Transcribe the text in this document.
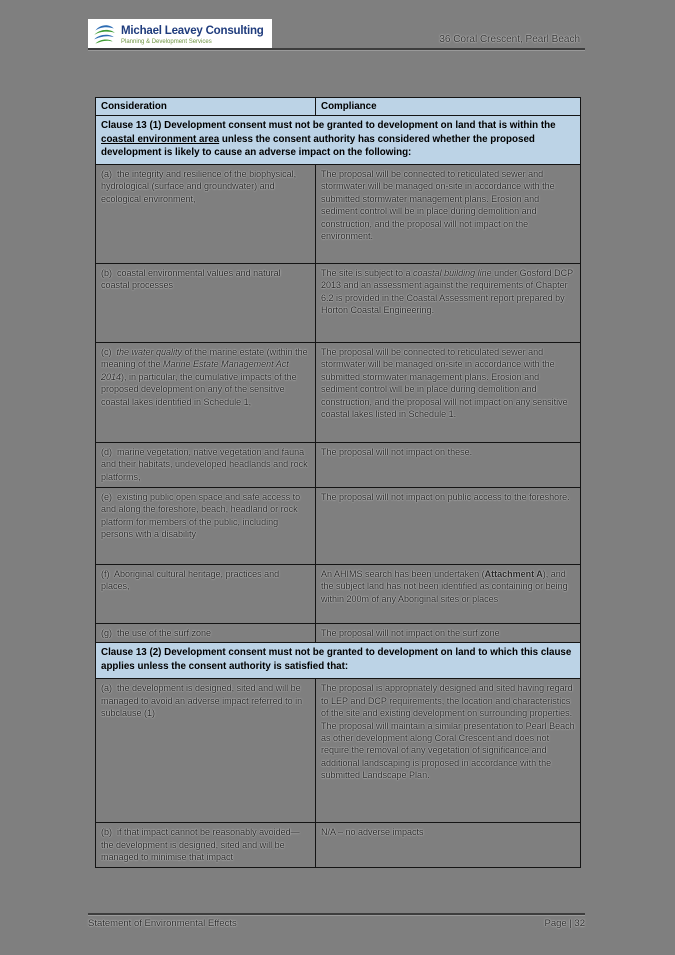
Michael Leavey Consulting
Planning & Development Services	36 Coral Crescent, Pearl Beach
Consideration	Compliance
Clause 13 (1) Development consent must not be granted to development on land that is within the coastal environment area unless the consent authority has considered whether the proposed development is likely to cause an adverse impact on the following:	
(a)  the integrity and resilience of the biophysical, hydrological (surface and groundwater) and ecological environment,	The proposal will be connected to reticulated sewer and stormwater will be managed on-site in accordance with the submitted stormwater management plans. Erosion and sediment control will be in place during demolition and construction, and the proposal will not impact on the environment.
(b)  coastal environmental values and natural coastal processes	The site is subject to a coastal building line under Gosford DCP 2013 and an assessment against the requirements of Chapter 6.2 is provided in the Coastal Assessment report prepared by Horton Coastal Engineering.
(c)  the water quality of the marine estate (within the meaning of the Marine Estate Management Act 2014), in particular, the cumulative impacts of the proposed development on any of the sensitive coastal lakes identified in Schedule 1,	The proposal will be connected to reticulated sewer and stormwater will be managed on-site in accordance with the submitted stormwater management plans. Erosion and sediment control will be in place during demolition and construction, and the proposal will not impact on any sensitive coastal lakes listed in Schedule 1.
(d)  marine vegetation, native vegetation and fauna and their habitats, undeveloped headlands and rock platforms,	The proposal will not impact on these.
(e)  existing public open space and safe access to and along the foreshore, beach, headland or rock platform for members of the public, including persons with a disability	The proposal will not impact on public access to the foreshore.
(f)  Aboriginal cultural heritage, practices and places,	An AHIMS search has been undertaken (Attachment A), and the subject land has not been identified as containing or being within 200m of any Aboriginal sites or places
(g)  the use of the surf zone	The proposal will not impact on the surf zone
Clause 13 (2) Development consent must not be granted to development on land to which this clause applies unless the consent authority is satisfied that:	
(a)  the development is designed, sited and will be managed to avoid an adverse impact referred to in subclause (1)	The proposal is appropriately designed and sited having regard to LEP and DCP requirements, the location and characteristics of the site and existing development on surrounding properties. The proposal will maintain a similar presentation to Pearl Beach as other development along Coral Crescent and does not require the removal of any vegetation of significance and additional landscaping is proposed in accordance with the submitted Landscape Plan.
(b)  if that impact cannot be reasonably avoided—the development is designed, sited and will be managed to minimise that impact	N/A – no adverse impacts
Statement of Environmental Effects	Page | 32
